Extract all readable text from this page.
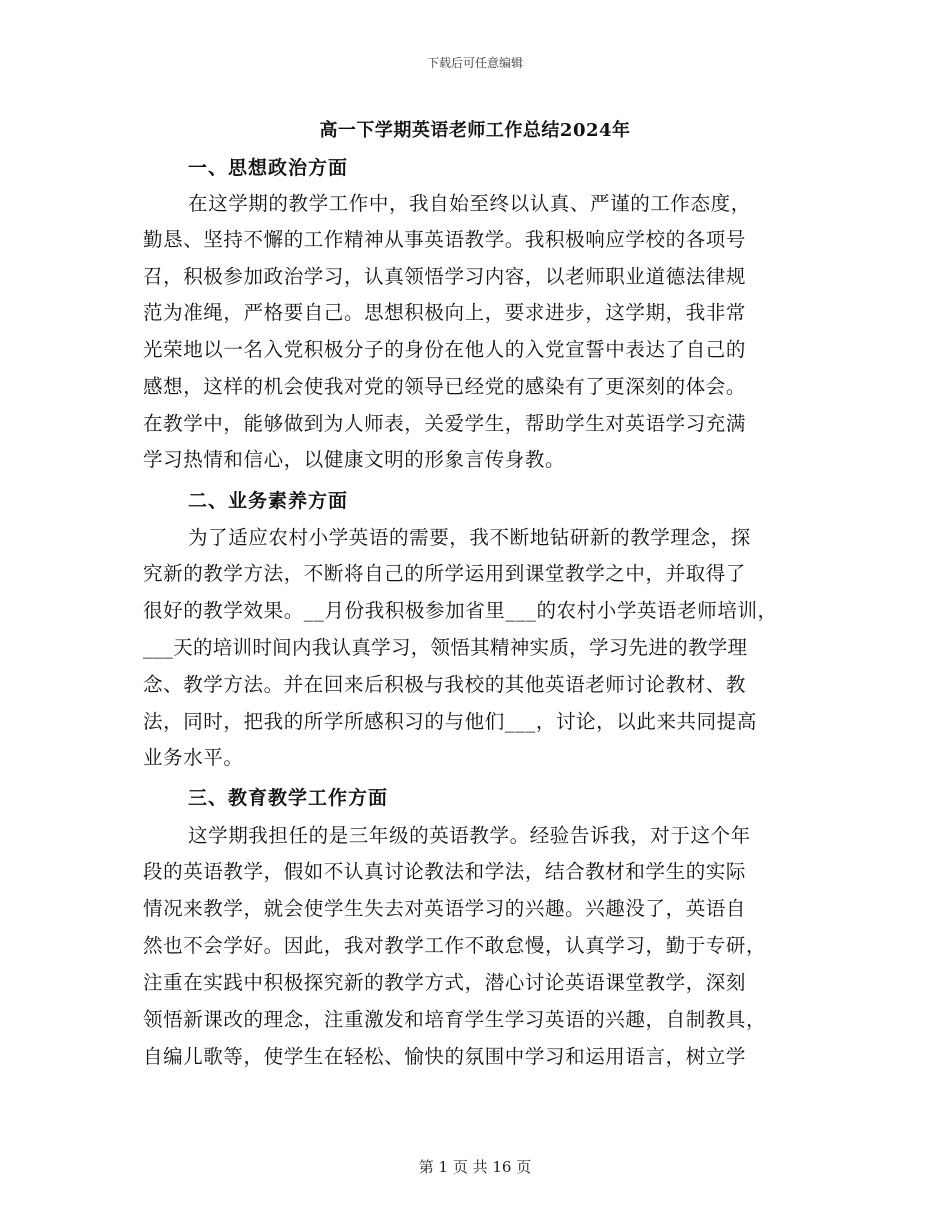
下载后可任意编辑
高一下学期英语老师工作总结2024年
一、思想政治方面
在这学期的教学工作中，我自始至终以认真、严谨的工作态度，
勤恳、坚持不懈的工作精神从事英语教学。我积极响应学校的各项号
召，积极参加政治学习，认真领悟学习内容，以老师职业道德法律规
范为准绳，严格要自己。思想积极向上，要求进步，这学期，我非常
光荣地以一名入党积极分子的身份在他人的入党宣誓中表达了自己的
感想，这样的机会使我对党的领导已经党的感染有了更深刻的体会。
在教学中，能够做到为人师表，关爱学生，帮助学生对英语学习充满
学习热情和信心，以健康文明的形象言传身教。
二、业务素养方面
为了适应农村小学英语的需要，我不断地钻研新的教学理念，探
究新的教学方法，不断将自己的所学运用到课堂教学之中，并取得了
很好的教学效果。__月份我积极参加省里___的农村小学英语老师培训，
___天的培训时间内我认真学习，领悟其精神实质，学习先进的教学理
念、教学方法。并在回来后积极与我校的其他英语老师讨论教材、教
法，同时，把我的所学所感积习的与他们___，讨论，以此来共同提高
业务水平。
三、教育教学工作方面
这学期我担任的是三年级的英语教学。经验告诉我，对于这个年
段的英语教学，假如不认真讨论教法和学法，结合教材和学生的实际
情况来教学，就会使学生失去对英语学习的兴趣。兴趣没了，英语自
然也不会学好。因此，我对教学工作不敢怠慢，认真学习，勤于专研，
注重在实践中积极探究新的教学方式，潜心讨论英语课堂教学，深刻
领悟新课改的理念，注重激发和培育学生学习英语的兴趣，自制教具，
自编儿歌等，使学生在轻松、愉快的氛围中学习和运用语言，树立学
第 1 页 共 16 页
